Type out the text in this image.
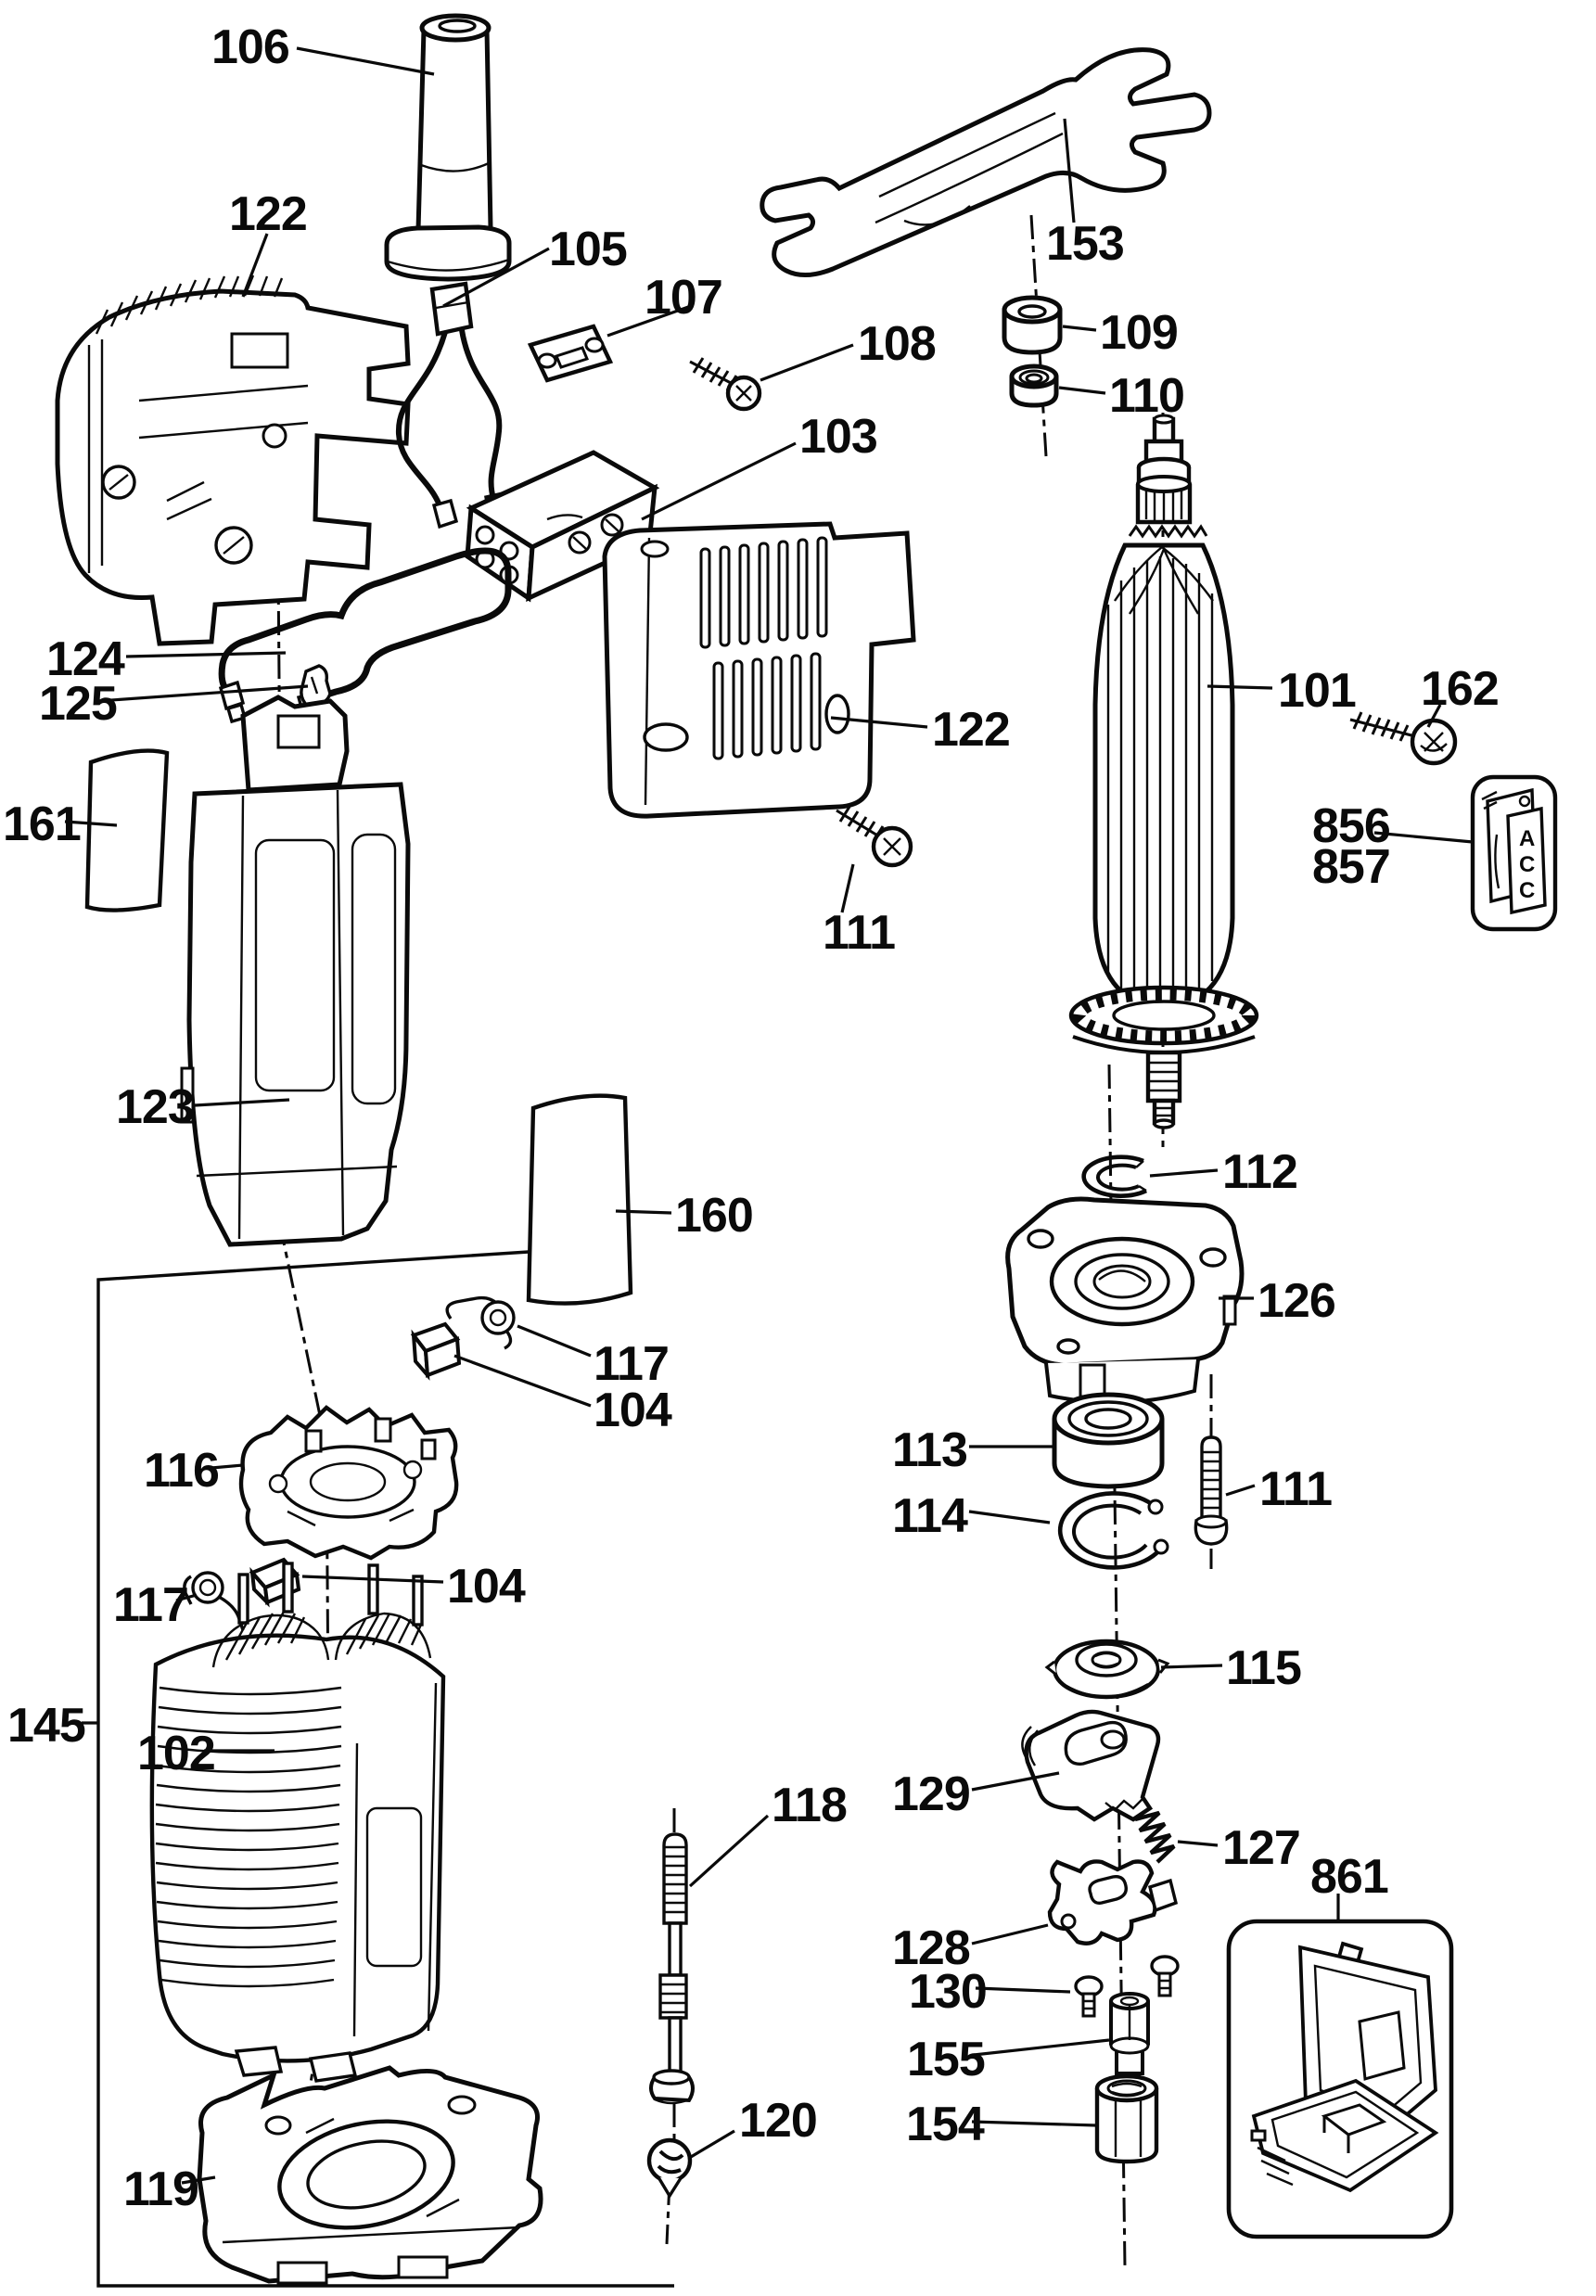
A
C
C
106
122
105
107
108
103
153
109
110
101 162
856
857
124
125
161
123
122
111
160
112
126
117
104
116	113
114	111
115
104
117
129
127
118
861
102
128
130
155
154
120
145
119
